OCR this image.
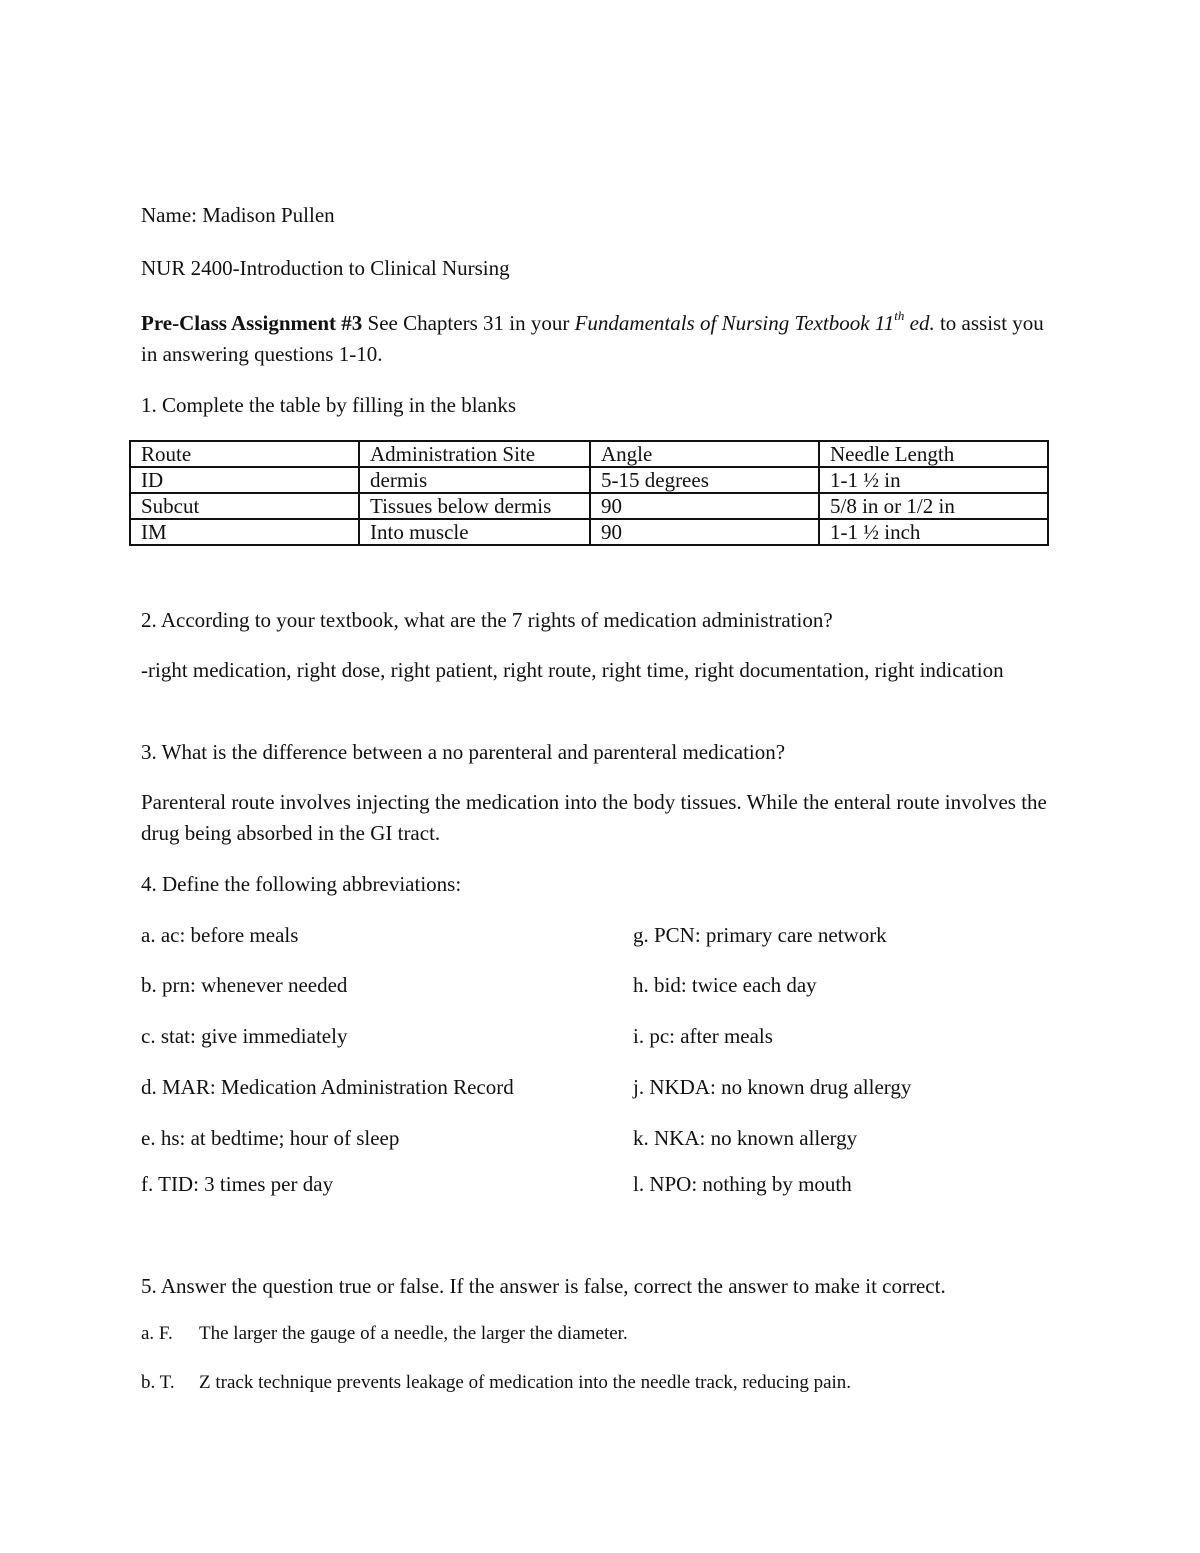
Name: Madison Pullen
NUR 2400-Introduction to Clinical Nursing
Pre-Class Assignment #3 See Chapters 31 in your Fundamentals of Nursing Textbook 11th ed. to assist you in answering questions 1-10.
1. Complete the table by filling in the blanks
Route	Administration Site	Angle	Needle Length
ID	dermis	5-15 degrees	1-1 ½ in
Subcut	Tissues below dermis	90	5/8 in or 1/2 in
IM	Into muscle	90	1-1 ½ inch
2. According to your textbook, what are the 7 rights of medication administration?
-right medication, right dose, right patient, right route, right time, right documentation, right indication
3. What is the difference between a no parenteral and parenteral medication?
Parenteral route involves injecting the medication into the body tissues. While the enteral route involves the drug being absorbed in the GI tract.
4. Define the following abbreviations:
a. ac: before meals
b. prn: whenever needed
c. stat: give immediately
d. MAR: Medication Administration Record
e. hs: at bedtime; hour of sleep
f. TID: 3 times per day
g. PCN: primary care network
h. bid: twice each day
i. pc: after meals
j. NKDA: no known drug allergy
k. NKA: no known allergy
l. NPO: nothing by mouth
5. Answer the question true or false. If the answer is false, correct the answer to make it correct.
a. F. The larger the gauge of a needle, the larger the diameter.
b. T. Z track technique prevents leakage of medication into the needle track, reducing pain.
